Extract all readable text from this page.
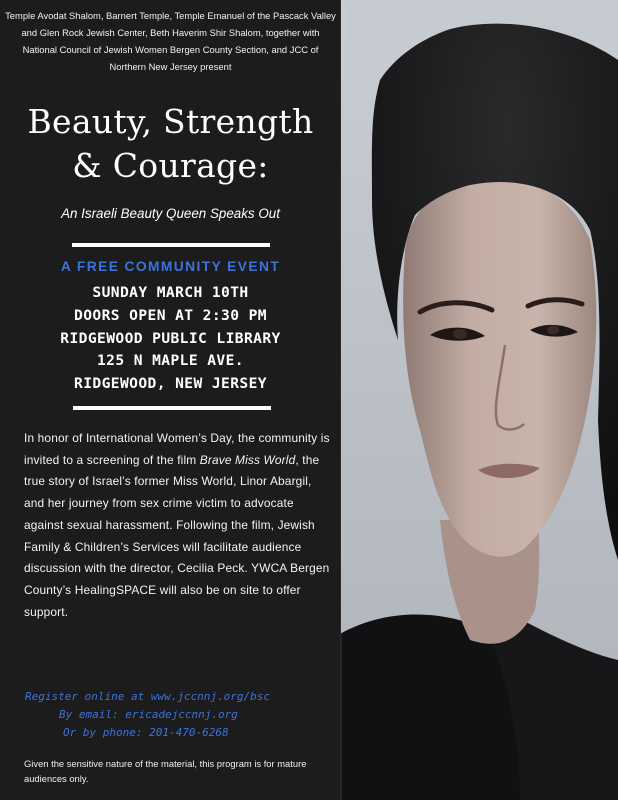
Temple Avodat Shalom, Barnert Temple, Temple Emanuel of the Pascack Valley and Glen Rock Jewish Center, Beth Haverim Shir Shalom, together with National Council of Jewish Women Bergen County Section, and JCC of Northern New Jersey present
Beauty, Strength
& Courage:
An Israeli Beauty Queen Speaks Out
A FREE COMMUNITY EVENT
SUNDAY MARCH 10TH
DOORS OPEN AT 2:30 PM
RIDGEWOOD PUBLIC LIBRARY
125 N MAPLE AVE.
RIDGEWOOD, NEW JERSEY
In honor of International Women’s Day, the community is invited to a screening of the film Brave Miss World, the true story of Israel’s former Miss World, Linor Abargil, and her journey from sex crime victim to advocate against sexual harassment. Following the film, Jewish Family & Children’s Services will facilitate audience discussion with the director, Cecilia Peck. YWCA Bergen County’s HealingSPACE will also be on site to offer support.
Register online at www.jccnnj.org/bsc
By email: ericadejccnnj.org
Or by phone: 201-470-6268
Given the sensitive nature of the material, this program is for mature audiences only.
